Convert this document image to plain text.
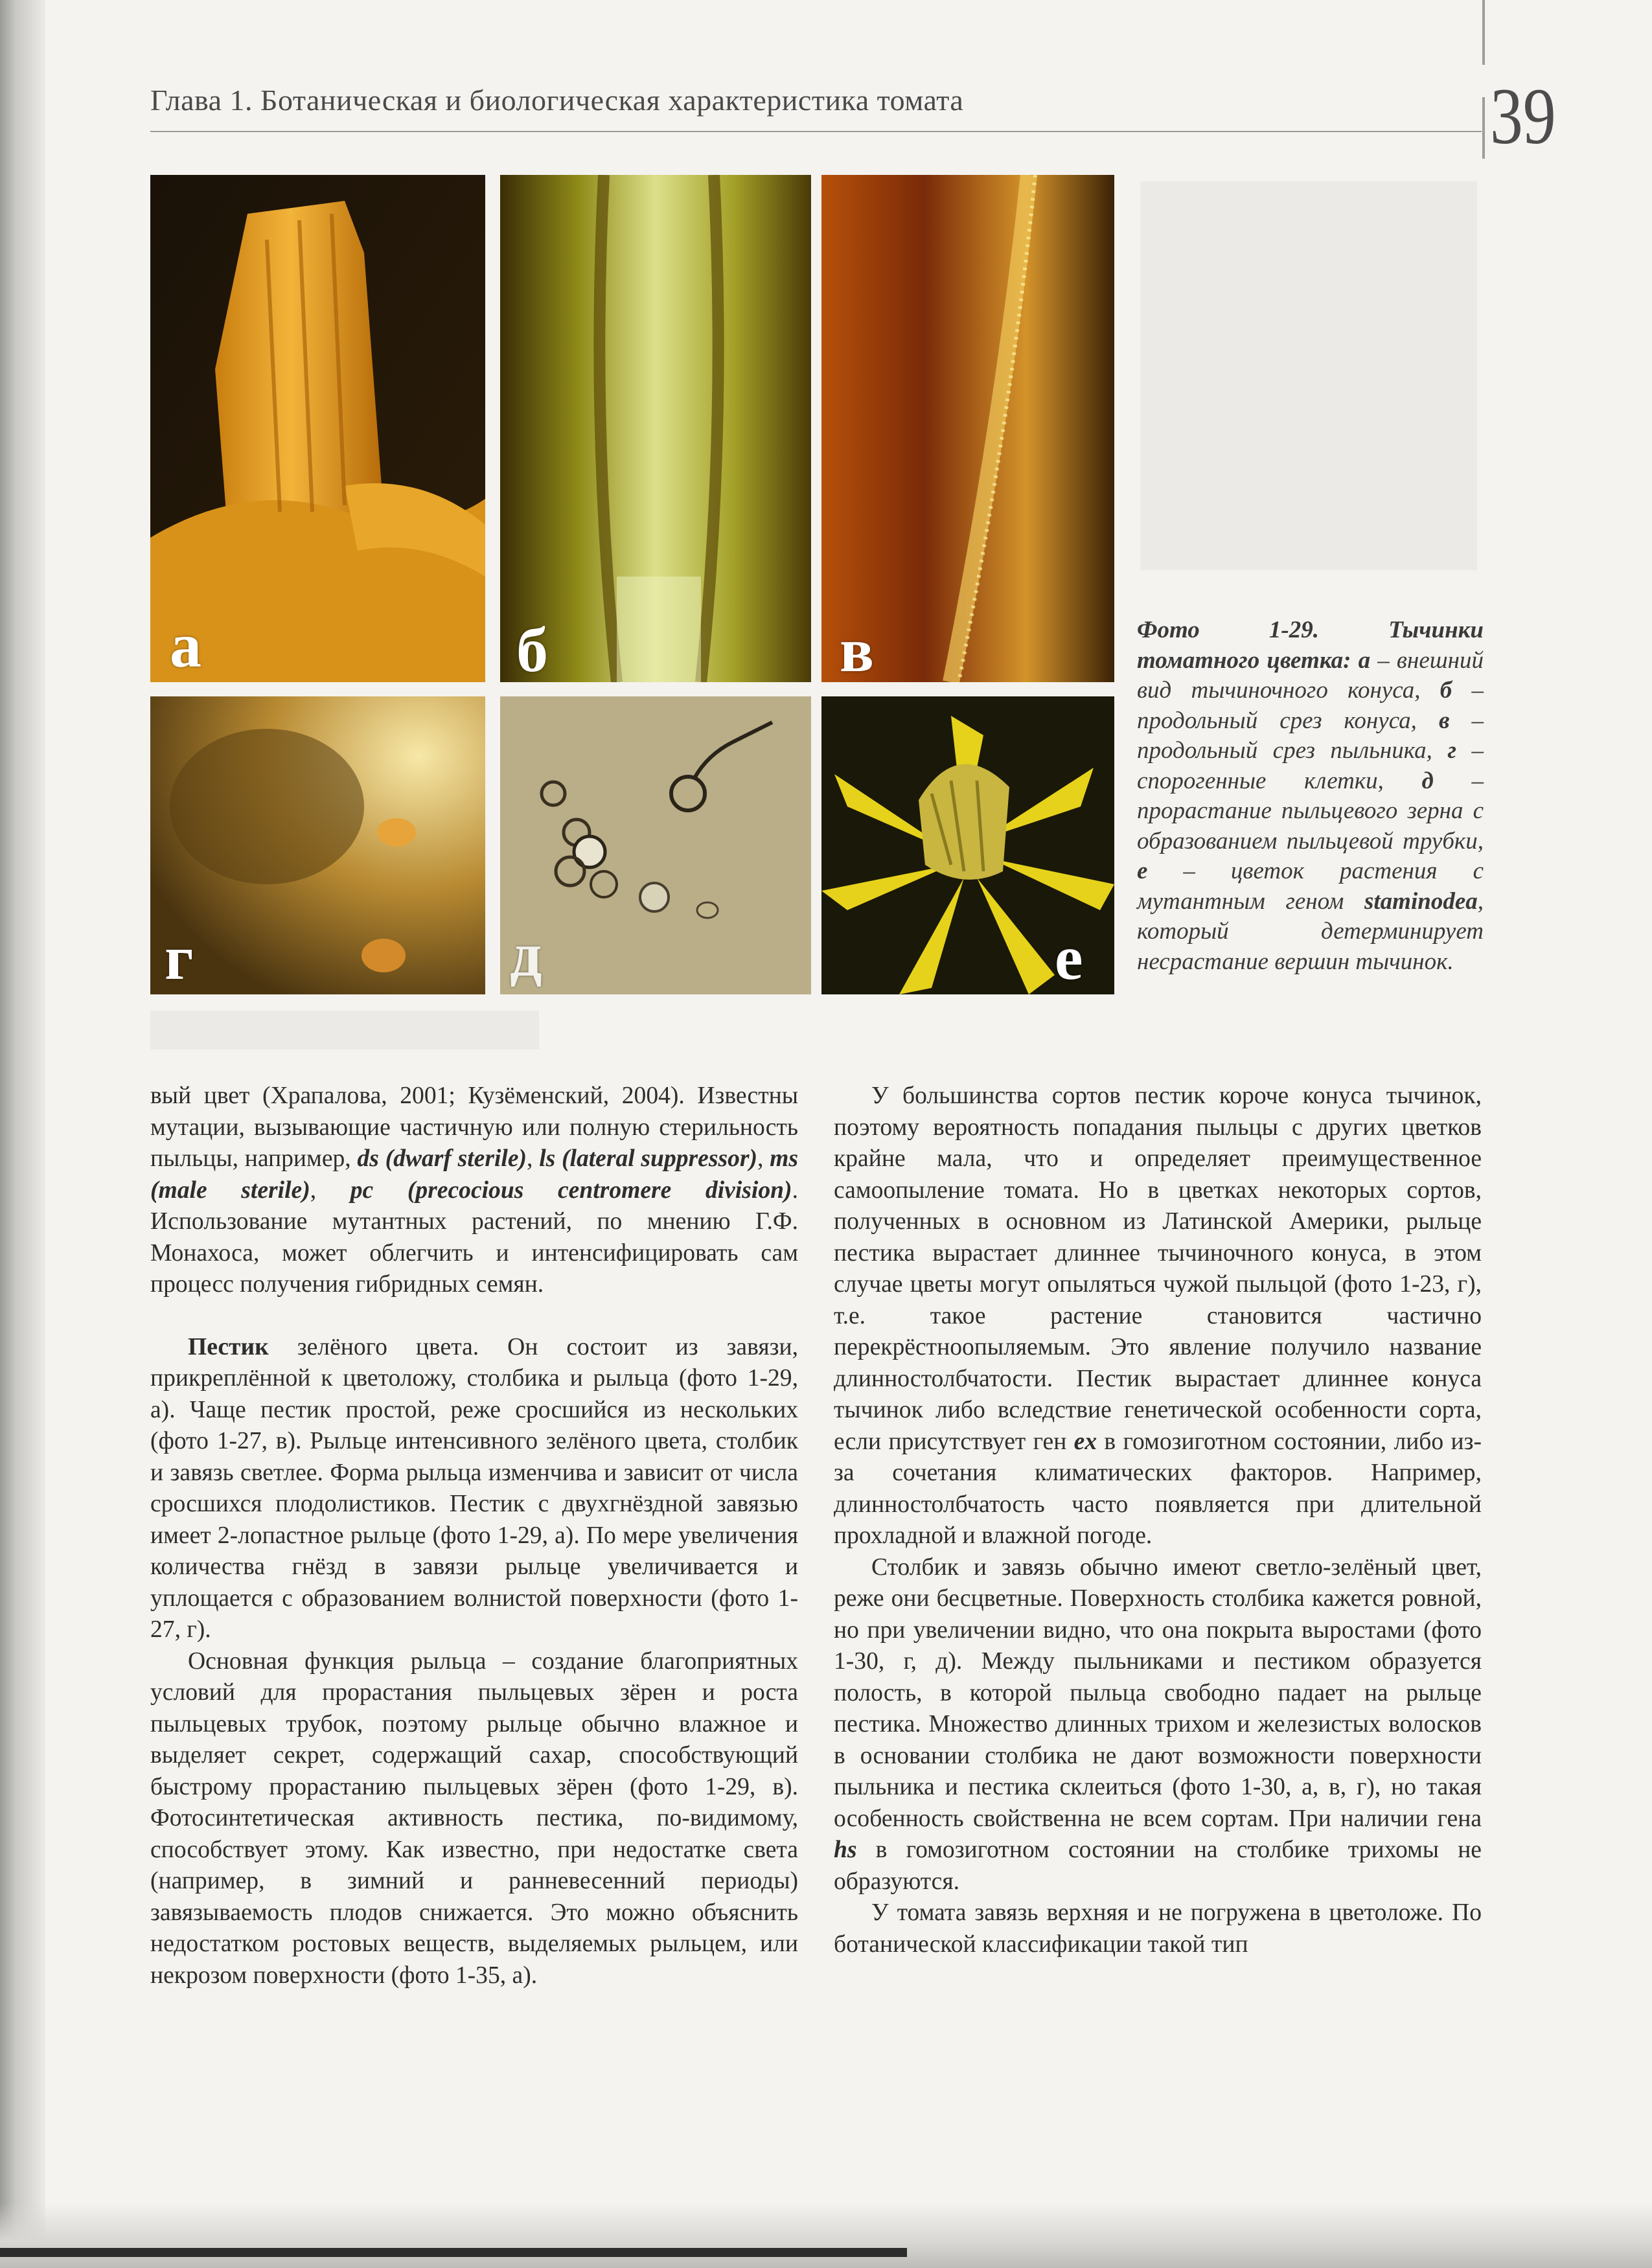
Глава 1. Ботаническая и биологическая характеристика томата	39
а	б	в
г	д	е
Фото 1-29. Тычинки томатного цветка: а – внешний вид тычиночного конуса, б – продольный срез конуса, в – продольный срез пыльника, г – спорогенные клетки, д – прорастание пыльцевого зерна с образованием пыльцевой трубки, е – цветок растения с мутантным геном staminodea, который детерминирует несрастание вершин тычинок.

вый цвет (Храпалова, 2001; Кузёменский, 2004). Известны мутации, вызывающие частичную или полную стерильность пыльцы, например, ds (dwarf sterile), ls (lateral suppressor), ms (male sterile), pc (precocious centromere division). Использование мутантных растений, по мнению Г.Ф. Монахоса, может облегчить и интенсифицировать сам процесс получения гибридных семян.

Пестик зелёного цвета. Он состоит из завязи, прикреплённой к цветоложу, столбика и рыльца (фото 1-29, а). Чаще пестик простой, реже сросшийся из нескольких (фото 1-27, в). Рыльце интенсивного зелёного цвета, столбик и завязь светлее. Форма рыльца изменчива и зависит от числа сросшихся плодолистиков. Пестик с двухгнёздной завязью имеет 2-лопастное рыльце (фото 1-29, а). По мере увеличения количества гнёзд в завязи рыльце увеличивается и уплощается с образованием волнистой поверхности (фото 1-27, г).

Основная функция рыльца – создание благоприятных условий для прорастания пыльцевых зёрен и роста пыльцевых трубок, поэтому рыльце обычно влажное и выделяет секрет, содержащий сахар, способствующий быстрому прорастанию пыльцевых зёрен (фото 1-29, в). Фотосинтетическая активность пестика, по-видимому, способствует этому. Как известно, при недостатке света (например, в зимний и ранневесенний периоды) завязываемость плодов снижается. Это можно объяснить недостатком ростовых веществ, выделяемых рыльцем, или некрозом поверхности (фото 1-35, а).

У большинства сортов пестик короче конуса тычинок, поэтому вероятность попадания пыльцы с других цветков крайне мала, что и определяет преимущественное самоопыление томата. Но в цветках некоторых сортов, полученных в основном из Латинской Америки, рыльце пестика вырастает длиннее тычиночного конуса, в этом случае цветы могут опыляться чужой пыльцой (фото 1-23, г), т.е. такое растение становится частично перекрёстноопыляемым. Это явление получило название длинностолбчатости. Пестик вырастает длиннее конуса тычинок либо вследствие генетической особенности сорта, если присутствует ген ex в гомозиготном состоянии, либо из-за сочетания климатических факторов. Например, длинностолбчатость часто появляется при длительной прохладной и влажной погоде.

Столбик и завязь обычно имеют светло-зелёный цвет, реже они бесцветные. Поверхность столбика кажется ровной, но при увеличении видно, что она покрыта выростами (фото 1-30, г, д). Между пыльниками и пестиком образуется полость, в которой пыльца свободно падает на рыльце пестика. Множество длинных трихом и железистых волосков в основании столбика не дают возможности поверхности пыльника и пестика склеиться (фото 1-30, а, в, г), но такая особенность свойственна не всем сортам. При наличии гена hs в гомозиготном состоянии на столбике трихомы не образуются.

У томата завязь верхняя и не погружена в цветоложе. По ботанической классификации такой тип
